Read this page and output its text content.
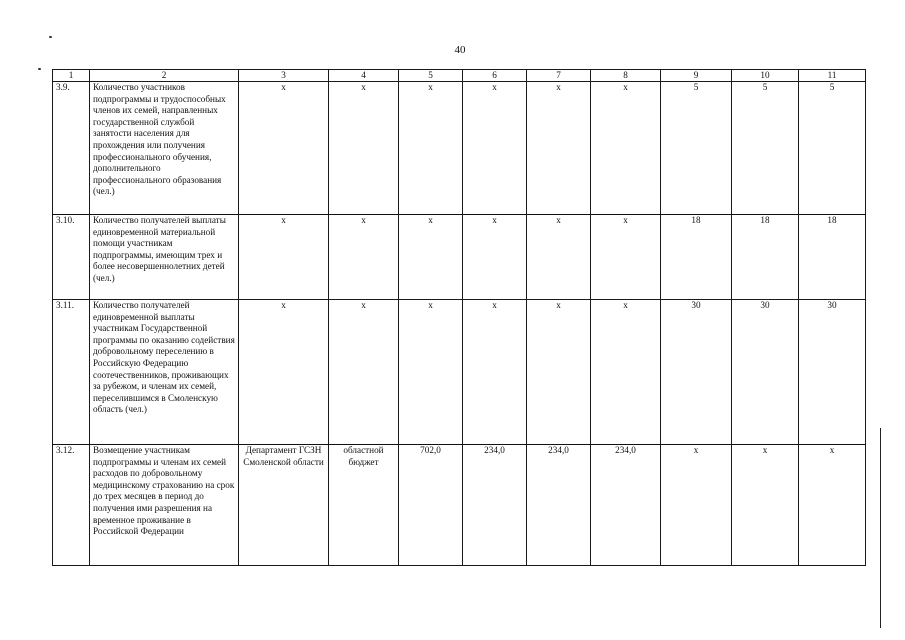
40
1	2	3	4	5	6	7	8	9	10	11
3.9.	Количество участников подпрограммы и трудоспособных членов их семей, направленных государственной службой занятости населения для прохождения или получения профессионального обучения, дополнительного профессионального образования (чел.)	х	х	х	х	х	х	5	5	5
3.10.	Количество получателей выплаты единовременной материальной помощи участникам подпрограммы, имеющим трех и более несовершеннолетних детей (чел.)	х	х	х	х	х	х	18	18	18
3.11.	Количество получателей единовременной выплаты участникам Государственной программы по оказанию содействия добровольному переселению в Российскую Федерацию соотечественников, проживающих за рубежом, и членам их семей, переселившимся в Смоленскую область (чел.)	х	х	х	х	х	х	30	30	30
3.12.	Возмещение участникам подпрограммы и членам их семей расходов по добровольному медицинскому страхованию на срок до трех месяцев в период до получения ими разрешения на временное проживание в Российской Федерации	Департамент ГСЗН Смоленской области	областной бюджет	702,0	234,0	234,0	234,0	х	х	х
